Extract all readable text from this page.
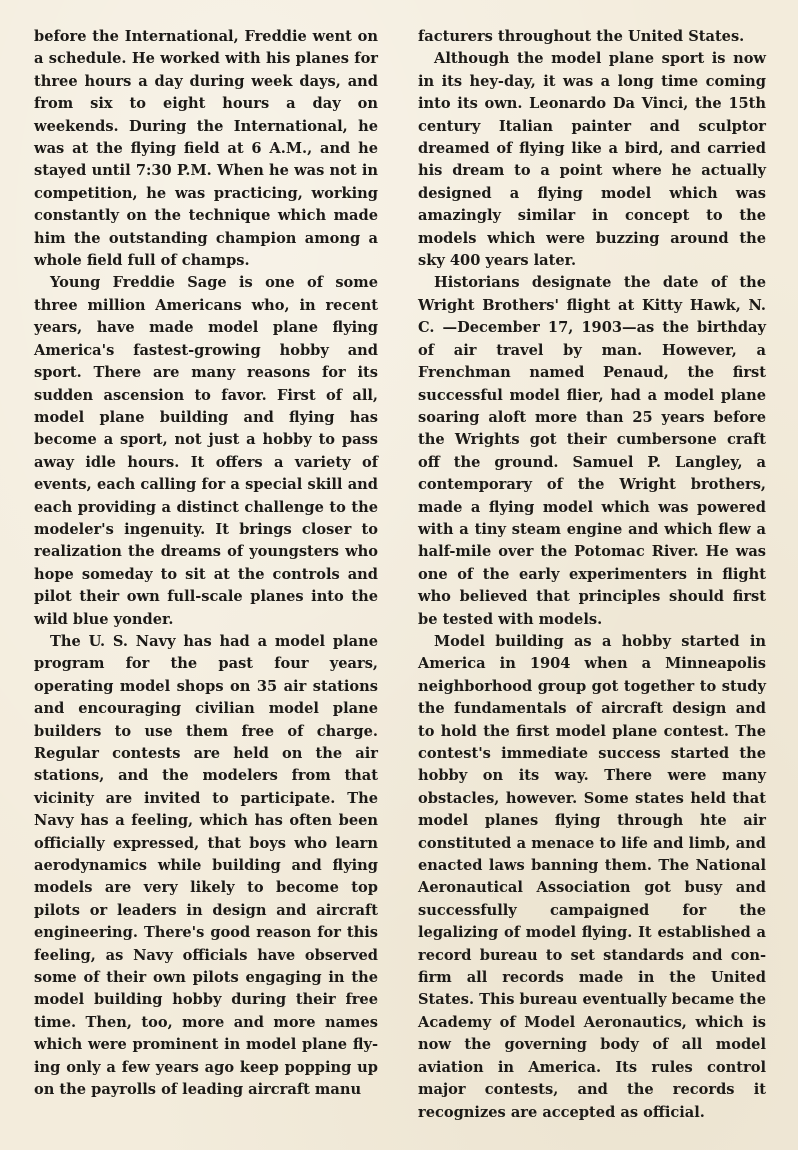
before the International, Freddie went on a schedule. He worked with his planes for three hours a day during week days, and from six to eight hours a day on weekends. During the International, he was at the flying field at 6 A.M., and he stayed until 7:30 P.M. When he was not in competition, he was practicing, working constantly on the technique which made him the outstanding champion among a whole field full of champs.

Young Freddie Sage is one of some three million Americans who, in recent years, have made model plane flying America's fastest-growing hobby and sport. There are many reasons for its sudden ascension to favor. First of all, model plane building and flying has become a sport, not just a hobby to pass away idle hours. It offers a variety of events, each calling for a special skill and each providing a distinct challenge to the modeler's ingenuity. It brings closer to realization the dreams of youngsters who hope someday to sit at the controls and pilot their own full-scale planes into the wild blue yonder.

The U. S. Navy has had a model plane program for the past four years, operating model shops on 35 air stations and encouraging civilian model plane builders to use them free of charge. Regular contests are held on the air stations, and the modelers from that vicinity are invited to participate. The Navy has a feeling, which has often been officially expressed, that boys who learn aerodynamics while building and flying models are very likely to become top pilots or leaders in design and aircraft engineering. There's good reason for this feeling, as Navy officials have observed some of their own pilots engaging in the model building hobby during their free time. Then, too, more and more names which were prominent in model plane flying only a few years ago keep popping up on the payrolls of leading aircraft manu

facturers throughout the United States.

Although the model plane sport is now in its hey-day, it was a long time coming into its own. Leonardo Da Vinci, the 15th century Italian painter and sculptor dreamed of flying like a bird, and carried his dream to a point where he actually designed a flying model which was amazingly similar in concept to the models which were buzzing around the sky 400 years later.

Historians designate the date of the Wright Brothers' flight at Kitty Hawk, N. C. —December 17, 1903—as the birthday of air travel by man. However, a Frenchman named Penaud, the first successful model flier, had a model plane soaring aloft more than 25 years before the Wrights got their cumbersone craft off the ground. Samuel P. Langley, a contemporary of the Wright brothers, made a flying model which was powered with a tiny steam engine and which flew a half-mile over the Potomac River. He was one of the early experimenters in flight who believed that principles should first be tested with models.

Model building as a hobby started in America in 1904 when a Minneapolis neighborhood group got together to study the fundamentals of aircraft design and to hold the first model plane contest. The contest's immediate success started the hobby on its way. There were many obstacles, however. Some states held that model planes flying through hte air constituted a menace to life and limb, and enacted laws banning them. The National Aeronautical Association got busy and successfully campaigned for the legalizing of model flying. It established a record bureau to set standards and confirm all records made in the United States. This bureau eventually became the Academy of Model Aeronautics, which is now the governing body of all model aviation in America. Its rules control major contests, and the records it recognizes are accepted as official.
